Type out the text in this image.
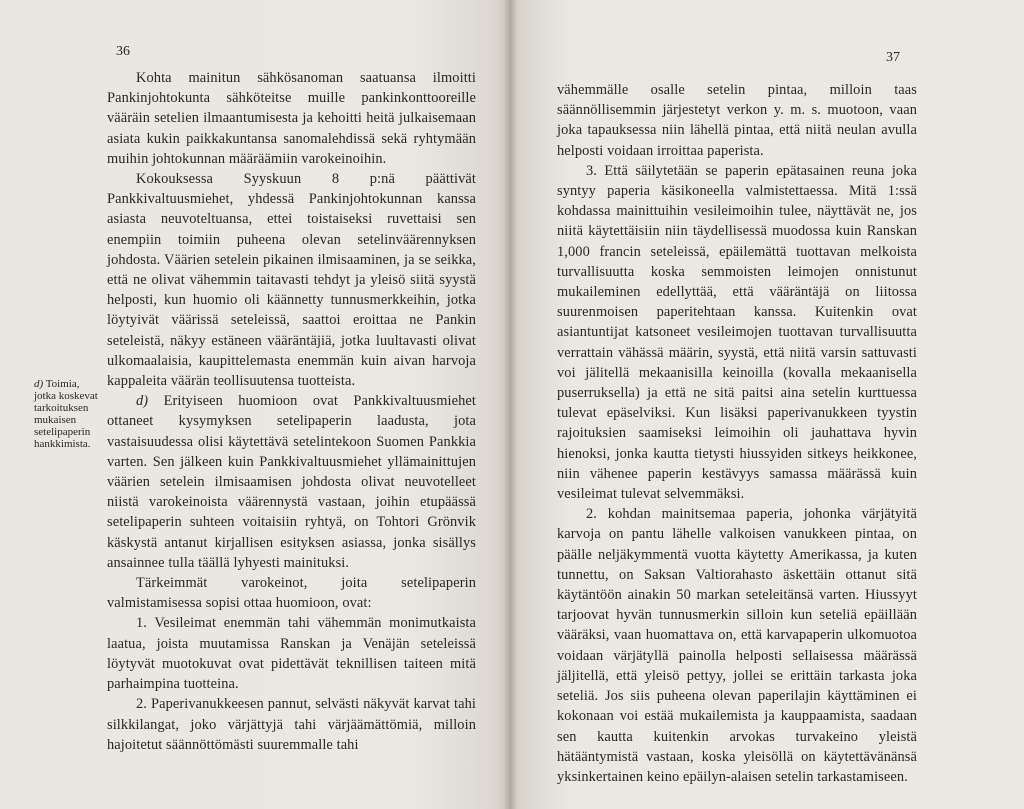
36
d) Toimia, jotka koskevat tarkoituksen mukaisen setelipaperin hankkimista.

Kohta mainitun sähkösanoman saatuansa ilmoitti Pankinjohtokunta sähköteitse muille pankinkonttooreille vääräin setelien ilmaantumisesta ja kehoitti heitä julkaisemaan asiata kukin paikkakuntansa sanomalehdissä sekä ryhtymään muihin johtokunnan määräämiin varokeinoihin.

Kokouksessa Syyskuun 8 p:nä päättivät Pankkivaltuusmiehet, yhdessä Pankinjohtokunnan kanssa asiasta neuvoteltuansa, ettei toistaiseksi ruvettaisi sen enempiin toimiin puheena olevan setelinväärennyksen johdosta. Väärien setelein pikainen ilmisaaminen, ja se seikka, että ne olivat vähemmin taitavasti tehdyt ja yleisö siitä syystä helposti, kun huomio oli käännetty tunnusmerkkeihin, jotka löytyivät väärissä seteleissä, saattoi eroittaa ne Pankin seteleistä, näkyy estäneen vääräntäjiä, jotka luultavasti olivat ulkomaalaisia, kaupittelemasta enemmän kuin aivan harvoja kappaleita väärän teollisuutensa tuotteista.

d) Erityiseen huomioon ovat Pankkivaltuusmiehet ottaneet kysymyksen setelipaperin laadusta, jota vastaisuudessa olisi käytettävä setelintekoon Suomen Pankkia varten. Sen jälkeen kuin Pankkivaltuusmiehet yllämainittujen väärien setelein ilmisaamisen johdosta olivat neuvotelleet niistä varokeinoista väärennystä vastaan, joihin etupäässä setelipaperin suhteen voitaisiin ryhtyä, on Tohtori Grönvik käskystä antanut kirjallisen esityksen asiassa, jonka sisällys ansainnee tulla täällä lyhyesti mainituksi.

Tärkeimmät varokeinot, joita setelipaperin valmistamisessa sopisi ottaa huomioon, ovat:

1. Vesileimat enemmän tahi vähemmän monimutkaista laatua, joista muutamissa Ranskan ja Venäjän seteleissä löytyvät muotokuvat ovat pidettävät teknillisen taiteen mitä parhaimpina tuotteina.

2. Paperivanukkeesen pannut, selvästi näkyvät karvat tahi silkkilangat, joko värjättyjä tahi värjäämättömiä, milloin hajoitetut säännöttömästi suuremmalle tahi

37

vähemmälle osalle setelin pintaa, milloin taas säännöllisemmin järjestetyt verkon y. m. s. muotoon, vaan joka tapauksessa niin lähellä pintaa, että niitä neulan avulla helposti voidaan irroittaa paperista.

3. Että säilytetään se paperin epätasainen reuna joka syntyy paperia käsikoneella valmistettaessa. Mitä 1:ssä kohdassa mainittuihin vesileimoihin tulee, näyttävät ne, jos niitä käytettäisiin niin täydellisessä muodossa kuin Ranskan 1,000 francin seteleissä, epäilemättä tuottavan melkoista turvallisuutta koska semmoisten leimojen onnistunut mukaileminen edellyttää, että vääräntäjä on liitossa suurenmoisen paperitehtaan kanssa. Kuitenkin ovat asiantuntijat katsoneet vesileimojen tuottavan turvallisuutta verrattain vähässä määrin, syystä, että niitä varsin sattuvasti voi jälitellä mekaanisilla keinoilla (kovalla mekaanisella puserruksella) ja että ne sitä paitsi aina setelin kurttuessa tulevat epäselviksi. Kun lisäksi paperivanukkeen tyystin rajoituksien saamiseksi leimoihin oli jauhattava hyvin hienoksi, jonka kautta tietysti hiussyiden sitkeys heikkonee, niin vähenee paperin kestävyys samassa määrässä kuin vesileimat tulevat selvemmäksi.

2. kohdan mainitsemaa paperia, johonka värjätyitä karvoja on pantu lähelle valkoisen vanukkeen pintaa, on päälle neljäkymmentä vuotta käytetty Amerikassa, ja kuten tunnettu, on Saksan Valtiorahasto äskettäin ottanut sitä käytäntöön ainakin 50 markan seteleitänsä varten. Hiussyyt tarjoovat hyvän tunnusmerkin silloin kun seteliä epäillään vääräksi, vaan huomattava on, että karvapaperin ulkomuotoa voidaan värjätyllä painolla helposti sellaisessa määrässä jäljitellä, että yleisö pettyy, jollei se erittäin tarkasta joka seteliä. Jos siis puheena olevan paperilajin käyttäminen ei kokonaan voi estää mukailemista ja kauppaamista, saadaan sen kautta kuitenkin arvokas turvakeino yleistä hätääntymistä vastaan, koska yleisöllä on käytettävänänsä yksinkertainen keino epäilyn-alaisen setelin tarkastamiseen.
